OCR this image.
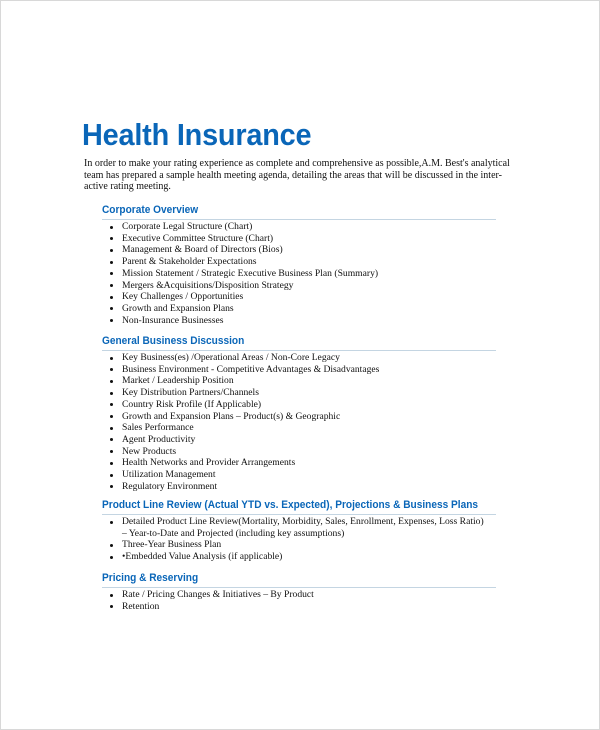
Health Insurance

In order to make your rating experience as complete and comprehensive as possible,A.M. Best's analytical team has prepared a sample health meeting agenda, detailing the areas that will be discussed in the inter-active rating meeting.

Corporate Overview
Corporate Legal Structure (Chart)
Executive Committee Structure (Chart)
Management & Board of Directors (Bios)
Parent & Stakeholder Expectations
Mission Statement / Strategic Executive Business Plan (Summary)
Mergers &Acquisitions/Disposition Strategy
Key Challenges / Opportunities
Growth and Expansion Plans
Non-Insurance Businesses
General Business Discussion
Key Business(es) /Operational Areas / Non-Core Legacy
Business Environment - Competitive Advantages & Disadvantages
Market / Leadership Position
Key Distribution Partners/Channels
Country Risk Profile (If Applicable)
Growth and Expansion Plans – Product(s) & Geographic
Sales Performance
Agent Productivity
New Products
Health Networks and Provider Arrangements
Utilization Management
Regulatory Environment
Product Line Review (Actual YTD vs. Expected), Projections & Business Plans
Detailed Product Line Review(Mortality, Morbidity, Sales, Enrollment, Expenses, Loss Ratio)
– Year-to-Date and Projected (including key assumptions)
Three-Year Business Plan
•Embedded Value Analysis (if applicable)
Pricing & Reserving
Rate / Pricing Changes & Initiatives – By Product
Retention
